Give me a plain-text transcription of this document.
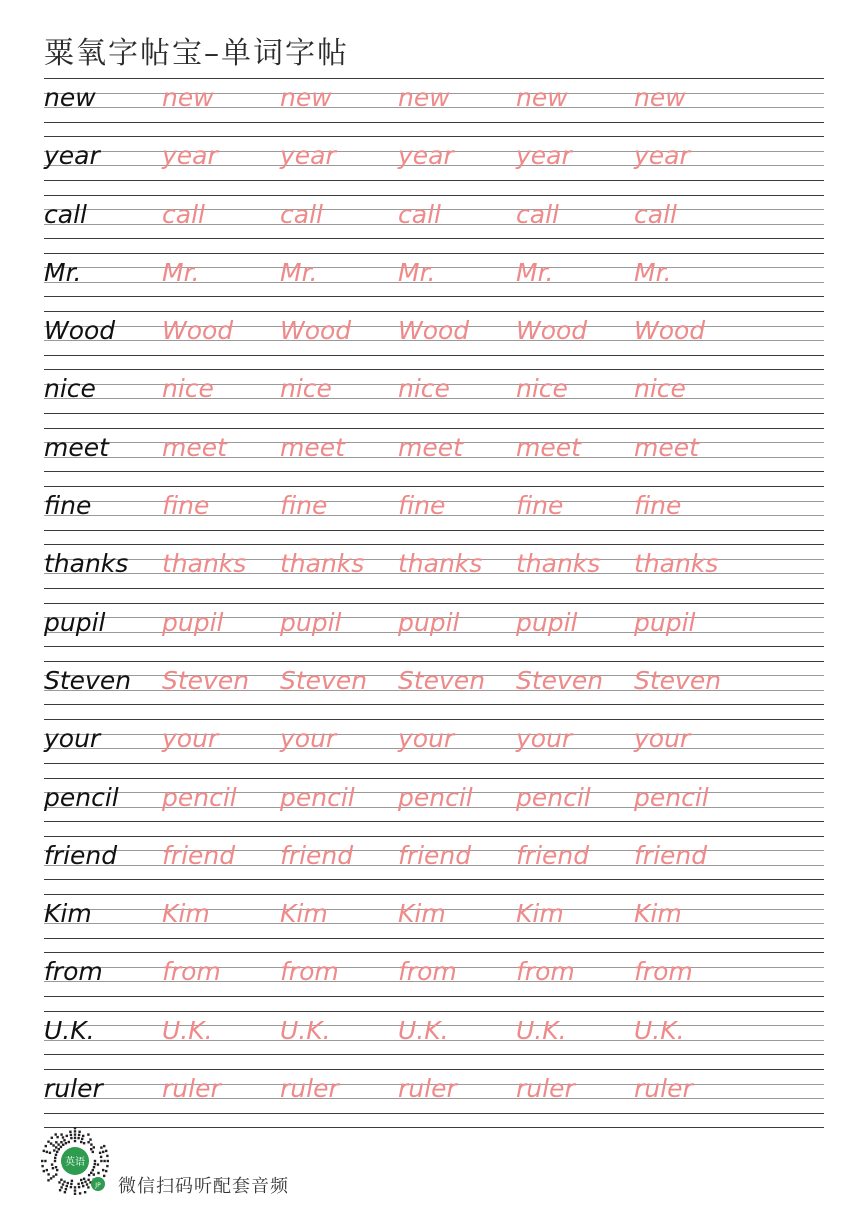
粟氧字帖宝–单词字帖
new	new	new	new	new	new
year year year year year year
call	call	call	call	call	call
Mr.	Mr.	Mr.	Mr.	Mr.	Mr.
Wood Wood Wood Wood Wood Wood
nice	nice	nice	nice	nice	nice
meet meet meet meet meet meet
fine	fine	fine	fine	fine	fine
thanks thanks thanks thanks thanks thanks
pupil pupil pupil pupil pupil pupil
Steven Steven Steven Steven Steven Steven
your your your your your your
pencil pencil pencil pencil pencil pencil
friend friend friend friend friend friend
Kim	Kim	Kim	Kim	Kim	Kim
from from from from from from
U.K.	U.K.	U.K.	U.K.	U.K.	U.K.
ruler ruler ruler ruler ruler ruler
英语
JP 微信扫码听配套音频
